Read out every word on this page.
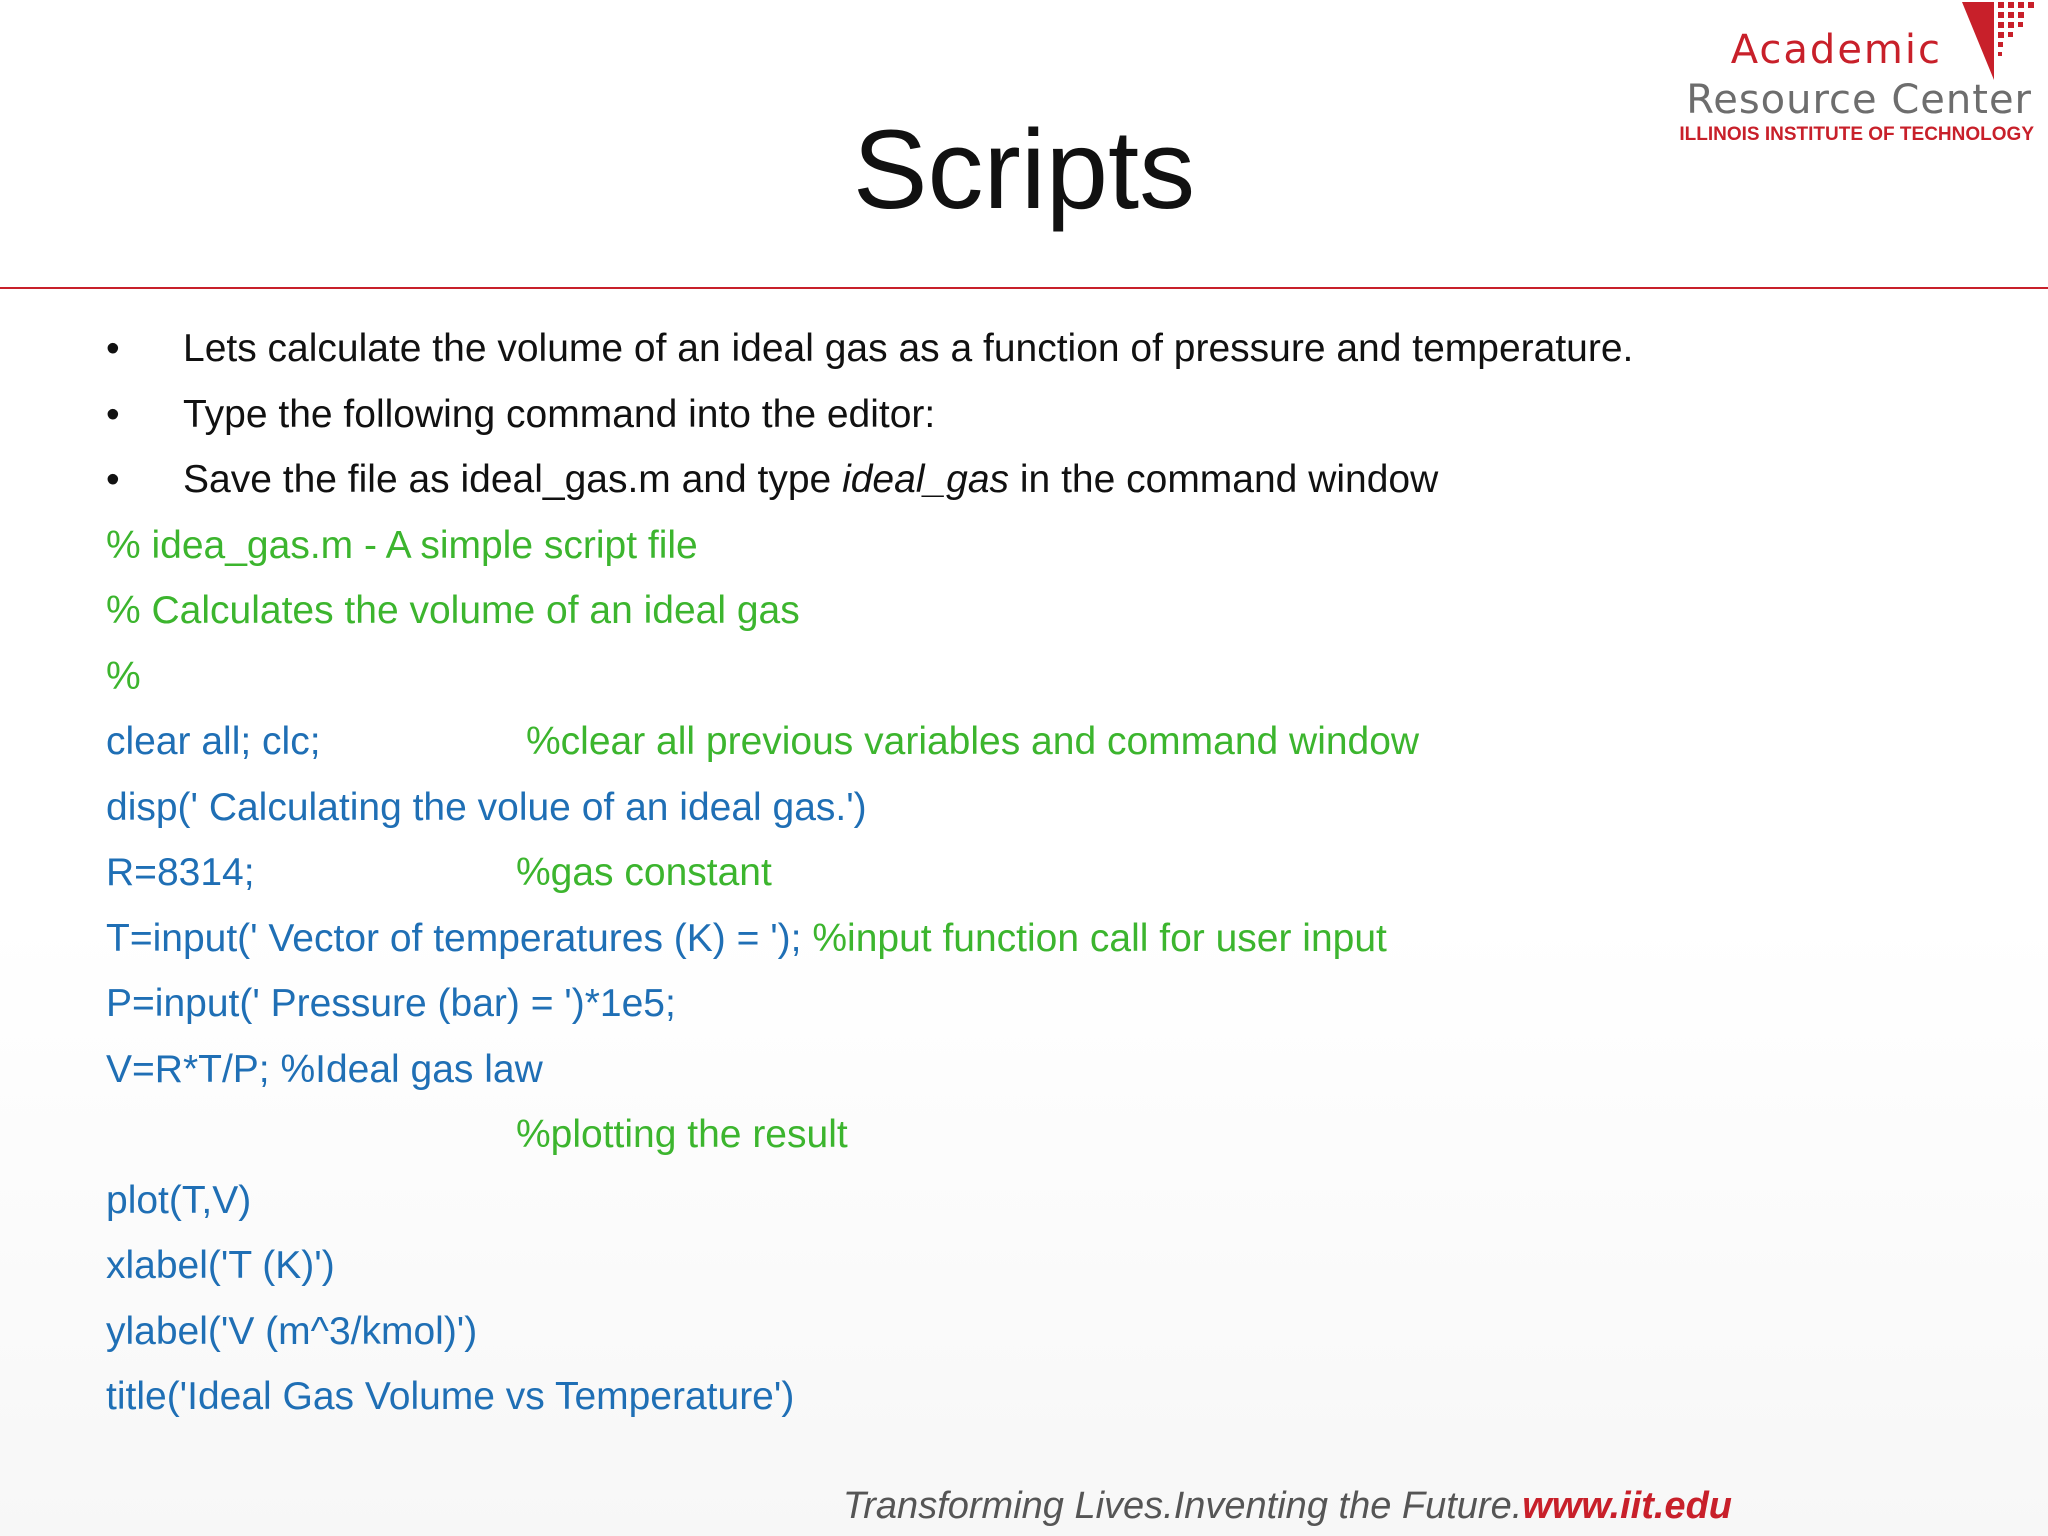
Academic
Resource Center
ILLINOIS INSTITUTE OF TECHNOLOGY
Scripts

•

	Lets calculate the volume of an ideal gas as a function of pressure and temperature.

•

	Type the following command into the editor:

•

	Save the file as ideal_gas.m and type ideal_gas in the command window

% idea_gas.m - A simple script file
% Calculates the volume of an ideal gas
%

clear all; clc;

	%clear all previous variables and command window

disp(' Calculating the volue of an ideal gas.')

R=8314;

	%gas constant

T=input(' Vector of temperatures (K) = '); %input function call for user input
P=input(' Pressure (bar) = ')*1e5;
V=R*T/P; %Ideal gas law

%plotting the result

plot(T,V)
xlabel('T (K)')
ylabel('V (m^3/kmol)')
title('Ideal Gas Volume vs Temperature')
Transforming Lives.Inventing the Future.www.iit.edu
